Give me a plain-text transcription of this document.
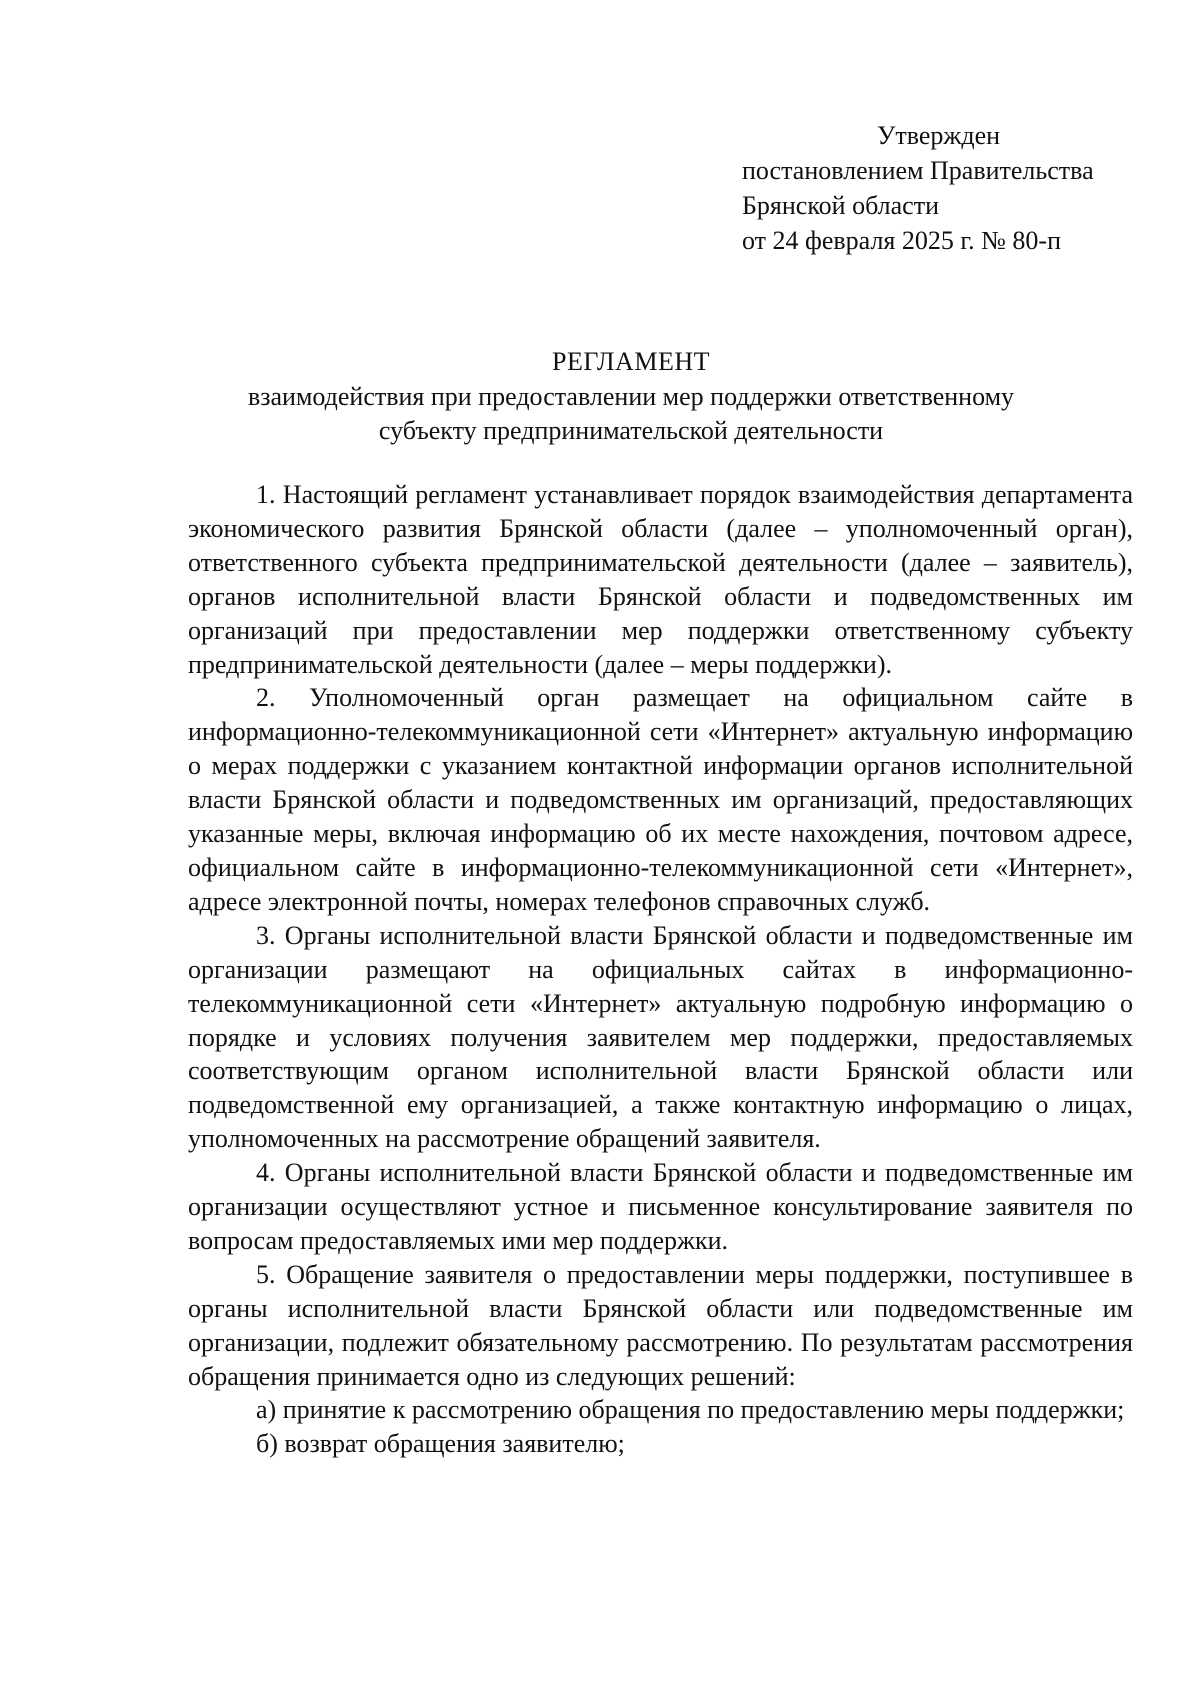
Утвержден
постановлением Правительства
Брянской области
от 24 февраля 2025 г. № 80-п
РЕГЛАМЕНТ
взаимодействия при предоставлении мер поддержки ответственному
субъекту предпринимательской деятельности

1. Настоящий регламент устанавливает порядок взаимодействия департамента экономического развития Брянской области (далее – уполномоченный орган), ответственного субъекта предпринимательской деятельности (далее – заявитель), органов исполнительной власти Брянской области и подведомственных им организаций при предоставлении мер поддержки ответственному субъекту предпринимательской деятельности (далее – меры поддержки).

2. Уполномоченный орган размещает на официальном сайте в информационно-телекоммуникационной сети «Интернет» актуальную информацию о мерах поддержки с указанием контактной информации органов исполнительной власти Брянской области и подведомственных им организаций, предоставляющих указанные меры, включая информацию об их месте нахождения, почтовом адресе, официальном сайте в информационно-телекоммуникационной сети «Интернет», адресе электронной почты, номерах телефонов справочных служб.

3. Органы исполнительной власти Брянской области и подведомственные им организации размещают на официальных сайтах в информационно-телекоммуникационной сети «Интернет» актуальную подробную информацию о порядке и условиях получения заявителем мер поддержки, предоставляемых соответствующим органом исполнительной власти Брянской области или подведомственной ему организацией, а также контактную информацию о лицах, уполномоченных на рассмотрение обращений заявителя.

4. Органы исполнительной власти Брянской области и подведомственные им организации осуществляют устное и письменное консультирование заявителя по вопросам предоставляемых ими мер поддержки.

5. Обращение заявителя о предоставлении меры поддержки, поступившее в органы исполнительной власти Брянской области или подведомственные им организации, подлежит обязательному рассмотрению. По результатам рассмотрения обращения принимается одно из следующих решений:

а) принятие к рассмотрению обращения по предоставлению меры поддержки;

б) возврат обращения заявителю;
